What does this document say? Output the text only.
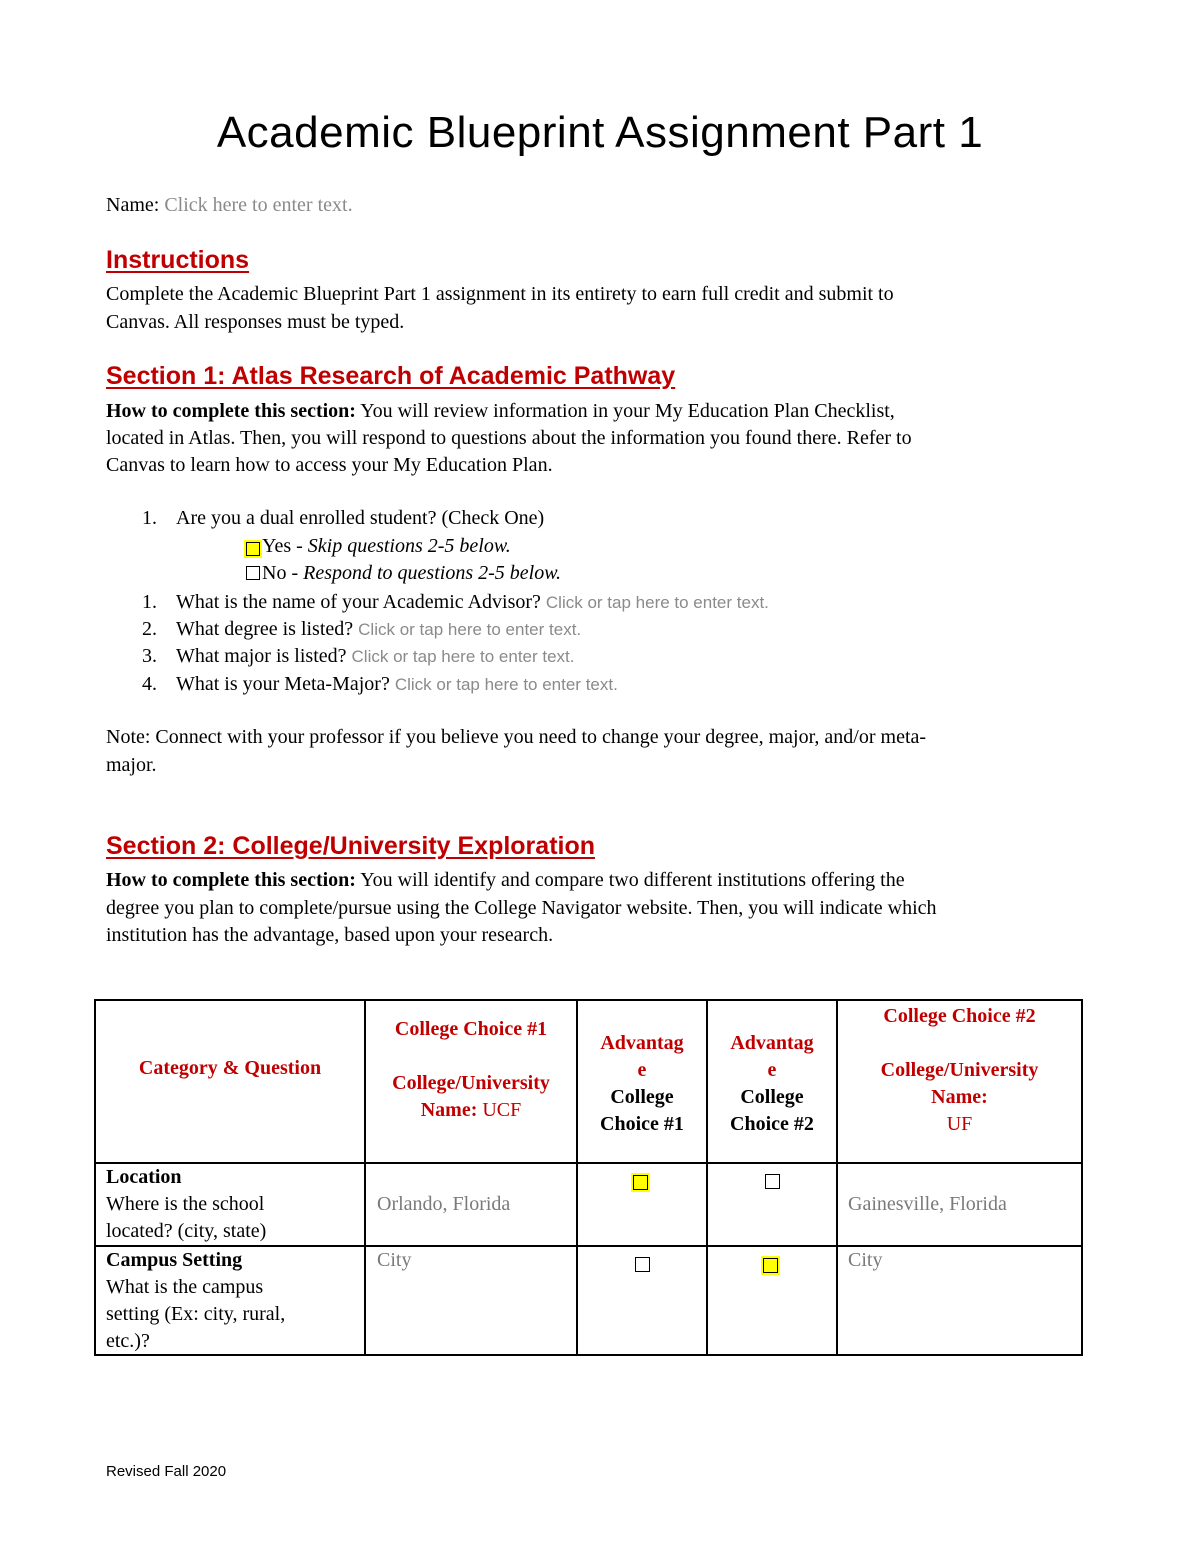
Academic Blueprint Assignment Part 1
Name: Click here to enter text.
Instructions
Complete the Academic Blueprint Part 1 assignment in its entirety to earn full credit and submit to
Canvas. All responses must be typed.
Section 1: Atlas Research of Academic Pathway
How to complete this section: You will review information in your My Education Plan Checklist,
located in Atlas. Then, you will respond to questions about the information you found there. Refer to
Canvas to learn how to access your My Education Plan.
1. Are you a dual enrolled student? (Check One)
Yes - Skip questions 2-5 below.
No - Respond to questions 2-5 below.
1. What is the name of your Academic Advisor? Click or tap here to enter text.
2. What degree is listed? Click or tap here to enter text.
3. What major is listed? Click or tap here to enter text.
4. What is your Meta-Major? Click or tap here to enter text.
Note: Connect with your professor if you believe you need to change your degree, major, and/or meta-
major.
Section 2: College/University Exploration
How to complete this section: You will identify and compare two different institutions offering the
degree you plan to complete/pursue using the College Navigator website. Then, you will indicate which
institution has the advantage, based upon your research.
Category & Question
College Choice #1

College/University
Name: UCF
Advantag
e
College
Choice #1
Advantag
e
College
Choice #2
College Choice #2

College/University
Name:
UF
Location
Where is the school
located? (city, state)
Orlando, Florida	Gainesville, Florida
Campus Setting
What is the campus
setting (Ex: city, rural,
etc.)?
City	City
Revised Fall 2020
